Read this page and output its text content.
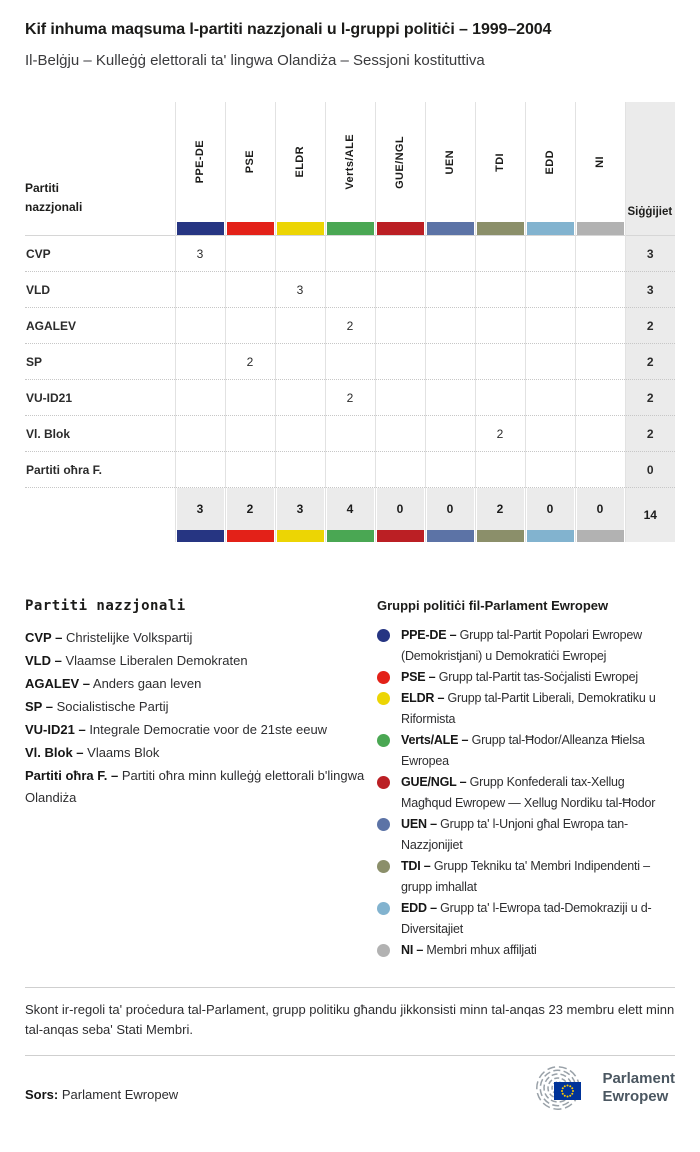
Kif inhuma maqsuma l-partiti nazzjonali u l-gruppi politiċi – 1999–2004
Il-Belġju – Kulleġġ elettorali ta' lingwa Olandiża – Sessjoni kostituttiva
Partiti nazzjonali	PPE-DE	PSE	ELDR	Verts/ALE	GUE/NGL	UEN	TDI	EDD	NI	Siġġijiet

CVP	3									3
VLD			3							3
AGALEV				2						2
SP		2								2
VU-ID21				2						2
Vl. Blok							2			2
Partiti oħra F.										0

3	2	3	4	0	0	2	0	0	14

Partiti nazzjonali
CVP – Christelijke Volkspartij
VLD – Vlaamse Liberalen Demokraten
AGALEV – Anders gaan leven
SP – Socialistische Partij
VU-ID21 – Integrale Democratie voor de 21ste eeuw
Vl. Blok – Vlaams Blok
Partiti oħra F. – Partiti oħra minn kulleġġ elettorali b'lingwa Olandiża
Gruppi politiċi fil-Parlament Ewropew

PPE-DE – Grupp tal-Partit Popolari Ewropew (Demokristjani) u Demokratiċi Ewropej

PSE – Grupp tal-Partit tas-Soċjalisti Ewropej

ELDR – Grupp tal-Partit Liberali, Demokratiku u Riformista

Verts/ALE – Grupp tal-Ħodor/Alleanza Ħielsa Ewropea

GUE/NGL – Grupp Konfederali tax-Xellug Magħqud Ewropew — Xellug Nordiku tal-Ħodor

UEN – Grupp ta' l-Unjoni għal Ewropa tan-Nazzjonijiet

TDI – Grupp Tekniku ta' Membri Indipendenti – grupp imhallat

EDD – Grupp ta' l-Ewropa tad-Demokraziji u d-Diversitajiet

NI – Membri mhux affiljati

Skont ir-regoli ta' proċedura tal-Parlament, grupp politiku għandu jikkonsisti minn tal-anqas 23 membru elett minn tal-anqas seba' Stati Membri.
Sors: Parlament Ewropew
Parlament
Ewropew
